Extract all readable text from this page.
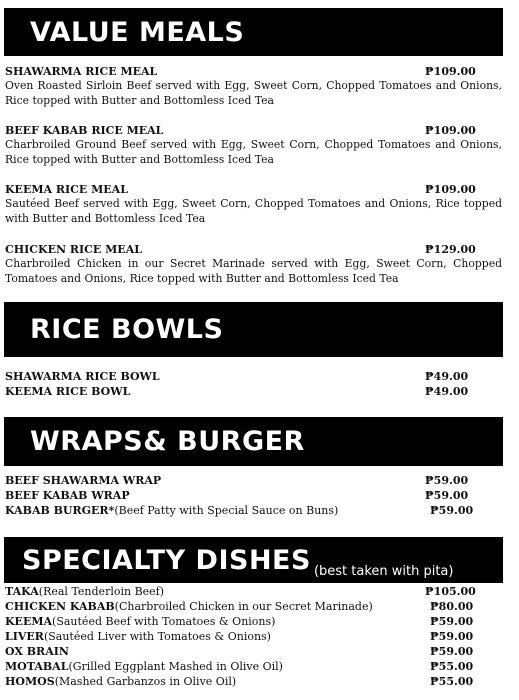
VALUE MEALS
SHAWARMA RICE MEAL	₱109.00
Oven Roasted Sirloin Beef served with Egg, Sweet Corn, Chopped Tomatoes and Onions, Rice topped with Butter and Bottomless Iced Tea
BEEF KABAB RICE MEAL	₱109.00
Charbroiled Ground Beef served with Egg, Sweet Corn, Chopped Tomatoes and Onions, Rice topped with Butter and Bottomless Iced Tea
KEEMA RICE MEAL	₱109.00
Sautéed Beef served with Egg, Sweet Corn, Chopped Tomatoes and Onions, Rice topped with Butter and Bottomless Iced Tea
CHICKEN RICE MEAL	₱129.00
Charbroiled Chicken in our Secret Marinade served with Egg, Sweet Corn, Chopped Tomatoes and Onions, Rice topped with Butter and Bottomless Iced Tea
RICE BOWLS
SHAWARMA RICE BOWL	₱49.00
KEEMA RICE BOWL	₱49.00
WRAPS& BURGER
BEEF SHAWARMA WRAP	₱59.00
BEEF KABAB WRAP	₱59.00
KABAB BURGER*(Beef Patty with Special Sauce on Buns)	₱59.00
SPECIALTY DISHES (best taken with pita)
TAKA(Real Tenderloin Beef)	₱105.00
CHICKEN KABAB(Charbroiled Chicken in our Secret Marinade)	₱80.00
KEEMA(Sautéed Beef with Tomatoes & Onions)	₱59.00
LIVER(Sautéed Liver with Tomatoes & Onions)	₱59.00
OX BRAIN	₱59.00
MOTABAL(Grilled Eggplant Mashed in Olive Oil)	₱55.00
HOMOS(Mashed Garbanzos in Olive Oil)	₱55.00
